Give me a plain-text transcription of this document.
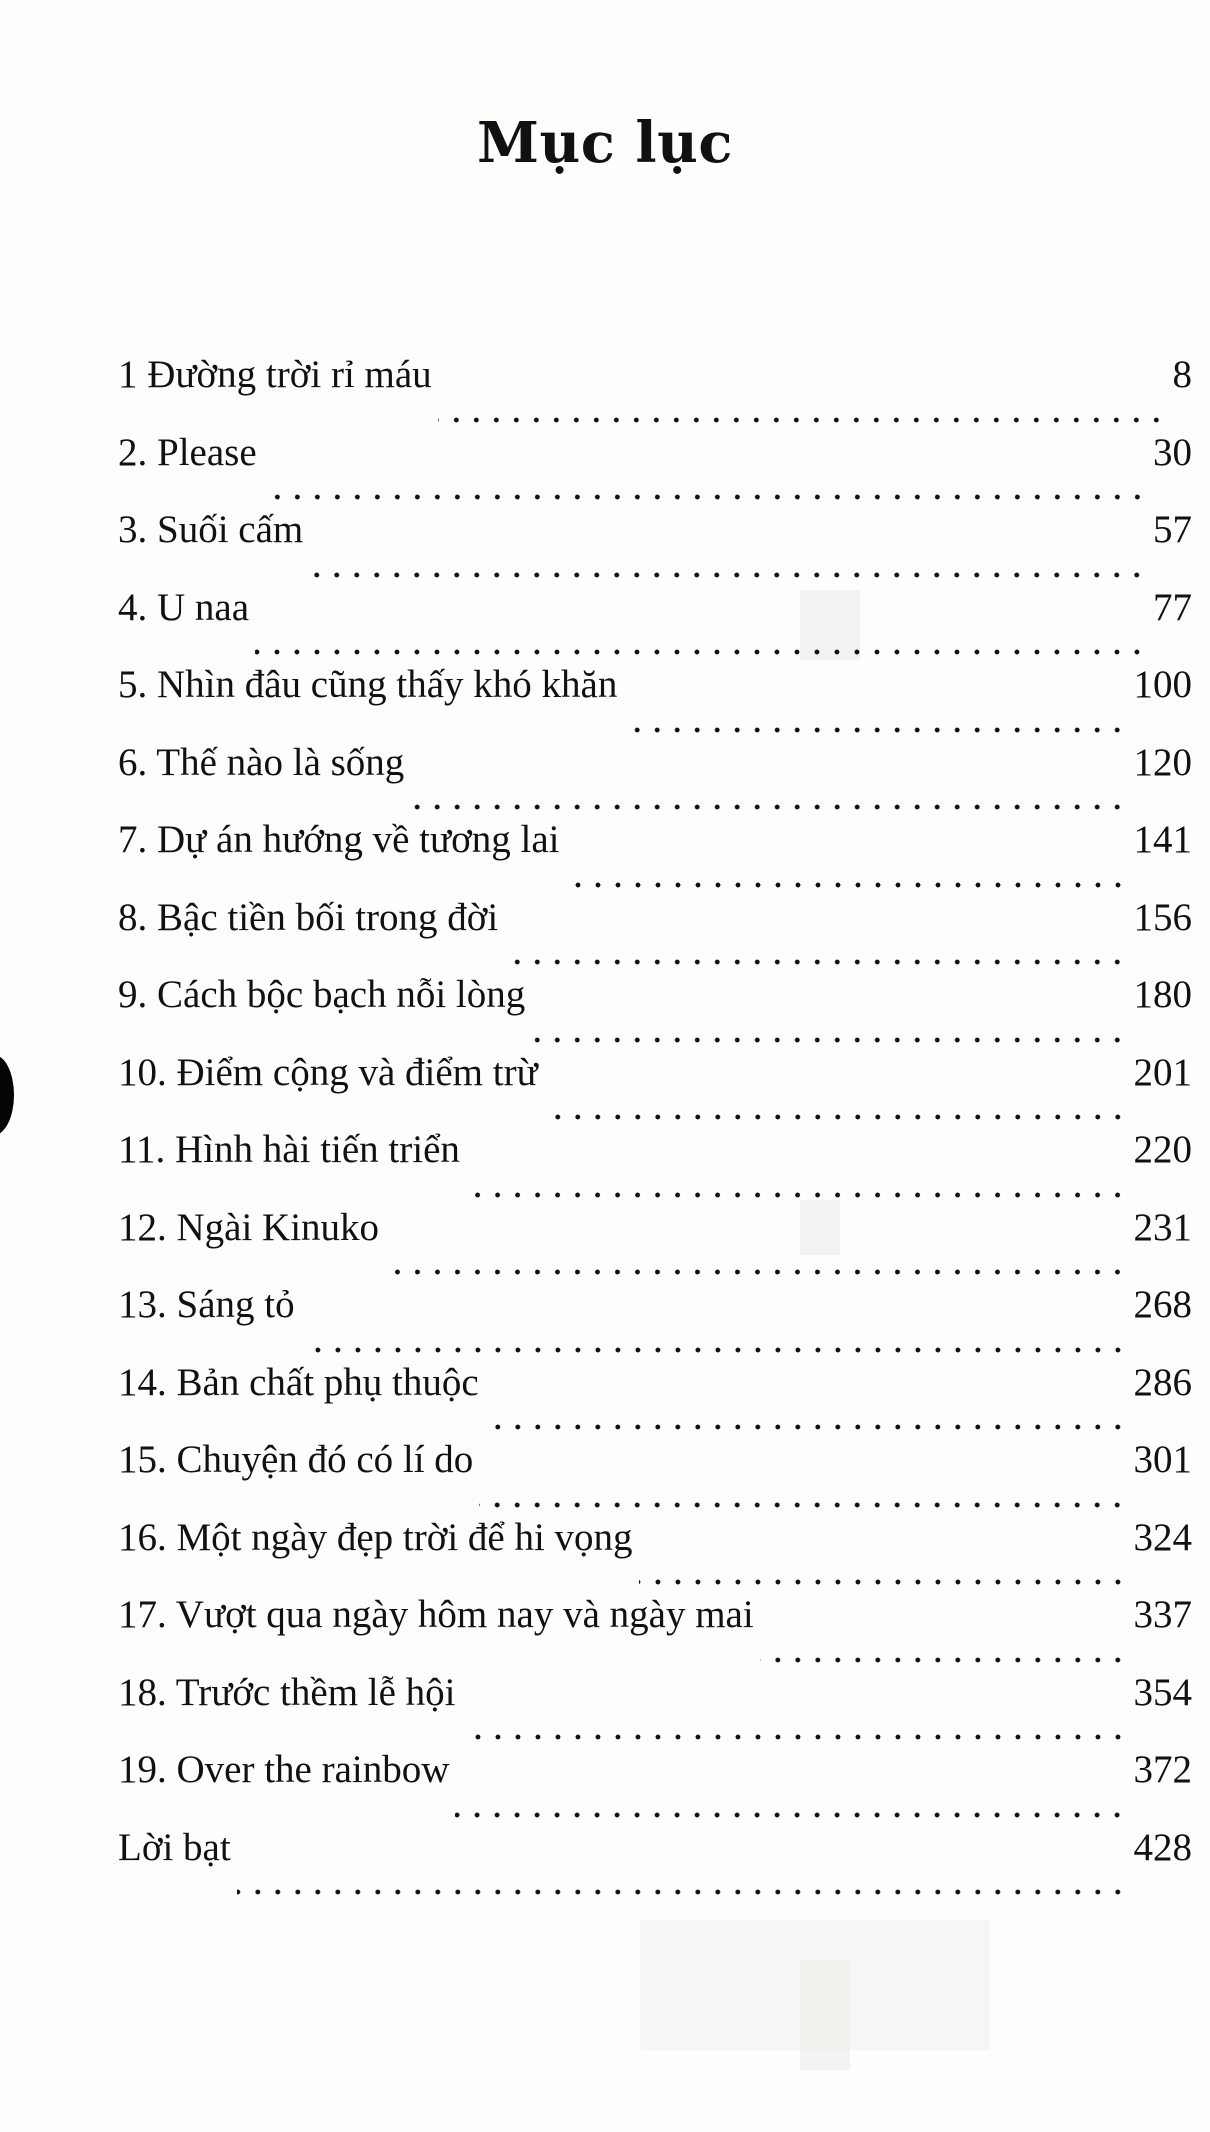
Mục lục
1 Đường trời rỉ máu	8
2. Please	30
3. Suối cấm	57
4. U naa	77
5. Nhìn đâu cũng thấy khó khăn	100
6. Thế nào là sống	120
7. Dự án hướng về tương lai	141
8. Bậc tiền bối trong đời	156
9. Cách bộc bạch nỗi lòng	180
10. Điểm cộng và điểm trừ	201
11. Hình hài tiến triển	220
12. Ngài Kinuko	231
13. Sáng tỏ	268
14. Bản chất phụ thuộc	286
15. Chuyện đó có lí do	301
16. Một ngày đẹp trời để hi vọng	324
17. Vượt qua ngày hôm nay và ngày mai	337
18. Trước thềm lễ hội	354
19. Over the rainbow	372
Lời bạt	428
